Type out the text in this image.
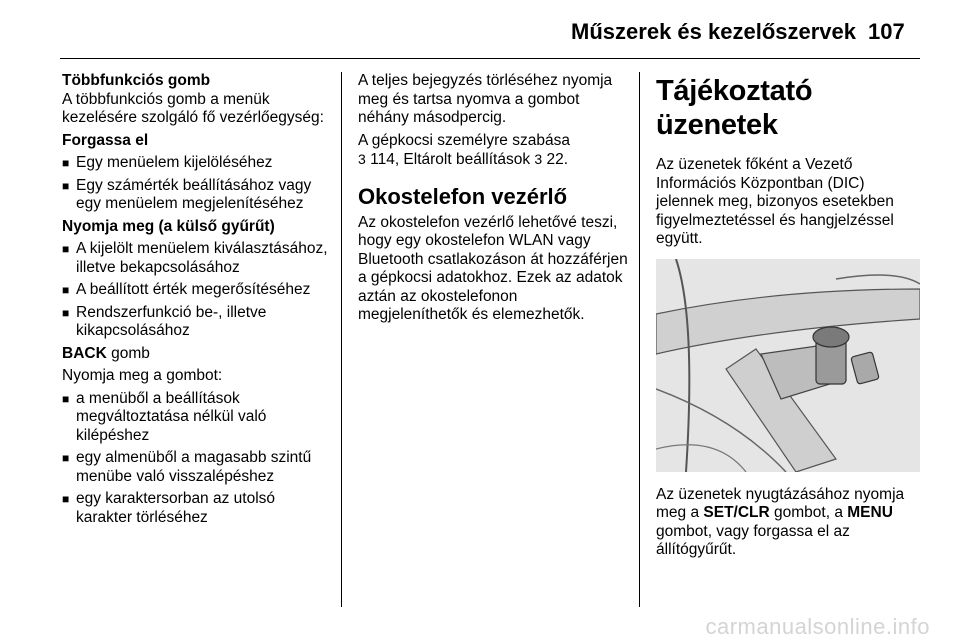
Műszerek és kezelőszervek 107

Többfunkciós gomb

A többfunkciós gomb a menük kezelésére szolgáló fő vezérlőegység:

Forgassa el

■ Egy menüelem kijelöléséhez
■ Egy számérték beállításához vagy egy menüelem megjelenítéséhez

Nyomja meg (a külső gyűrűt)

■ A kijelölt menüelem kiválasztásához, illetve bekapcsolásához
■ A beállított érték megerősítéséhez
■ Rendszerfunkció be-, illetve kikapcsolásához

BACK gomb

Nyomja meg a gombot:

■ a menüből a beállítások megváltoztatása nélkül való kilépéshez
■ egy almenüből a magasabb szintű menübe való visszalépéshez
■ egy karaktersorban az utolsó karakter törléséhez

A teljes bejegyzés törléséhez nyomja meg és tartsa nyomva a gombot néhány másodpercig.

A gépkocsi személyre szabása
3 114, Eltárolt beállítások 3 22.

Okostelefon vezérlő

Az okostelefon vezérlő lehetővé teszi, hogy egy okostelefon WLAN vagy Bluetooth csatlakozáson át hozzáférjen a gépkocsi adatokhoz. Ezek az adatok aztán az okostelefonon megjeleníthetők és elemezhetők.

Tájékoztató üzenetek

Az üzenetek főként a Vezető Információs Központban (DIC) jelennek meg, bizonyos esetekben figyelmeztetéssel és hangjelzéssel együtt.

Az üzenetek nyugtázásához nyomja meg a SET/CLR gombot, a MENU gombot, vagy forgassa el az állítógyűrűt.

carmanualsonline.info
